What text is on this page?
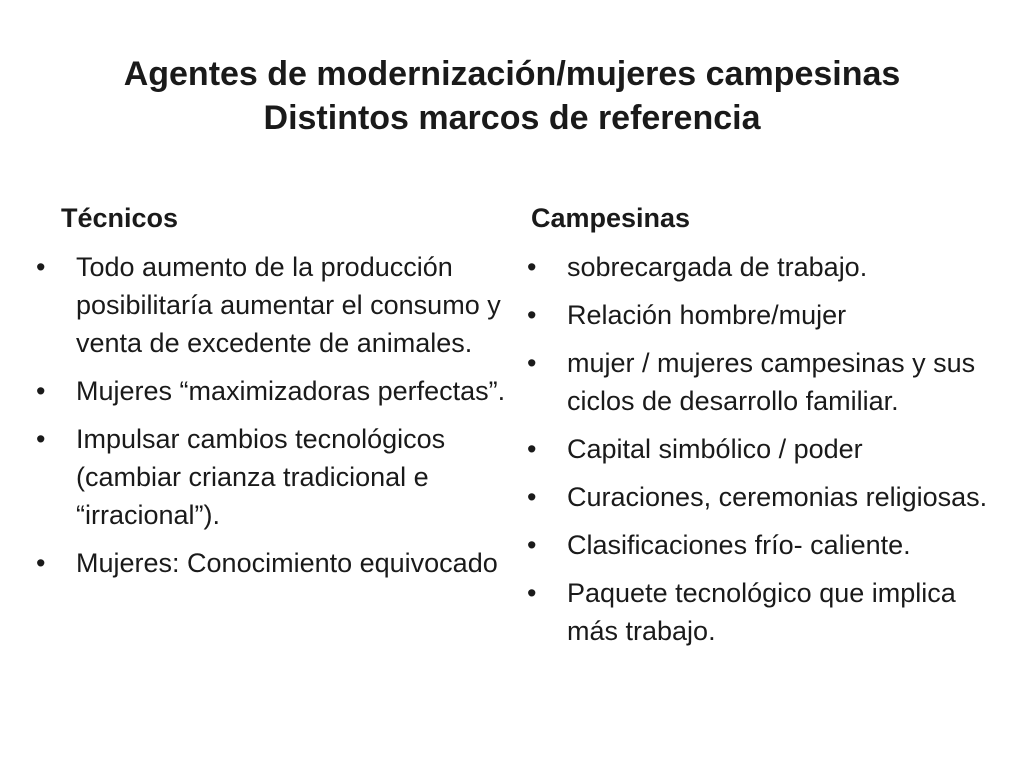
Agentes de modernización/mujeres campesinas
Distintos marcos de referencia
Técnicos
• Todo aumento de la producción posibilitaría aumentar el consumo y venta de excedente de animales.
• Mujeres “maximizadoras perfectas”.
• Impulsar cambios tecnológicos (cambiar crianza tradicional e “irracional”).
• Mujeres: Conocimiento equivocado
Campesinas
• sobrecargada de trabajo.
• Relación hombre/mujer
• mujer / mujeres campesinas y sus ciclos de desarrollo familiar.
• Capital simbólico / poder
• Curaciones, ceremonias religiosas.
• Clasificaciones frío- caliente.
• Paquete tecnológico que implica más trabajo.
